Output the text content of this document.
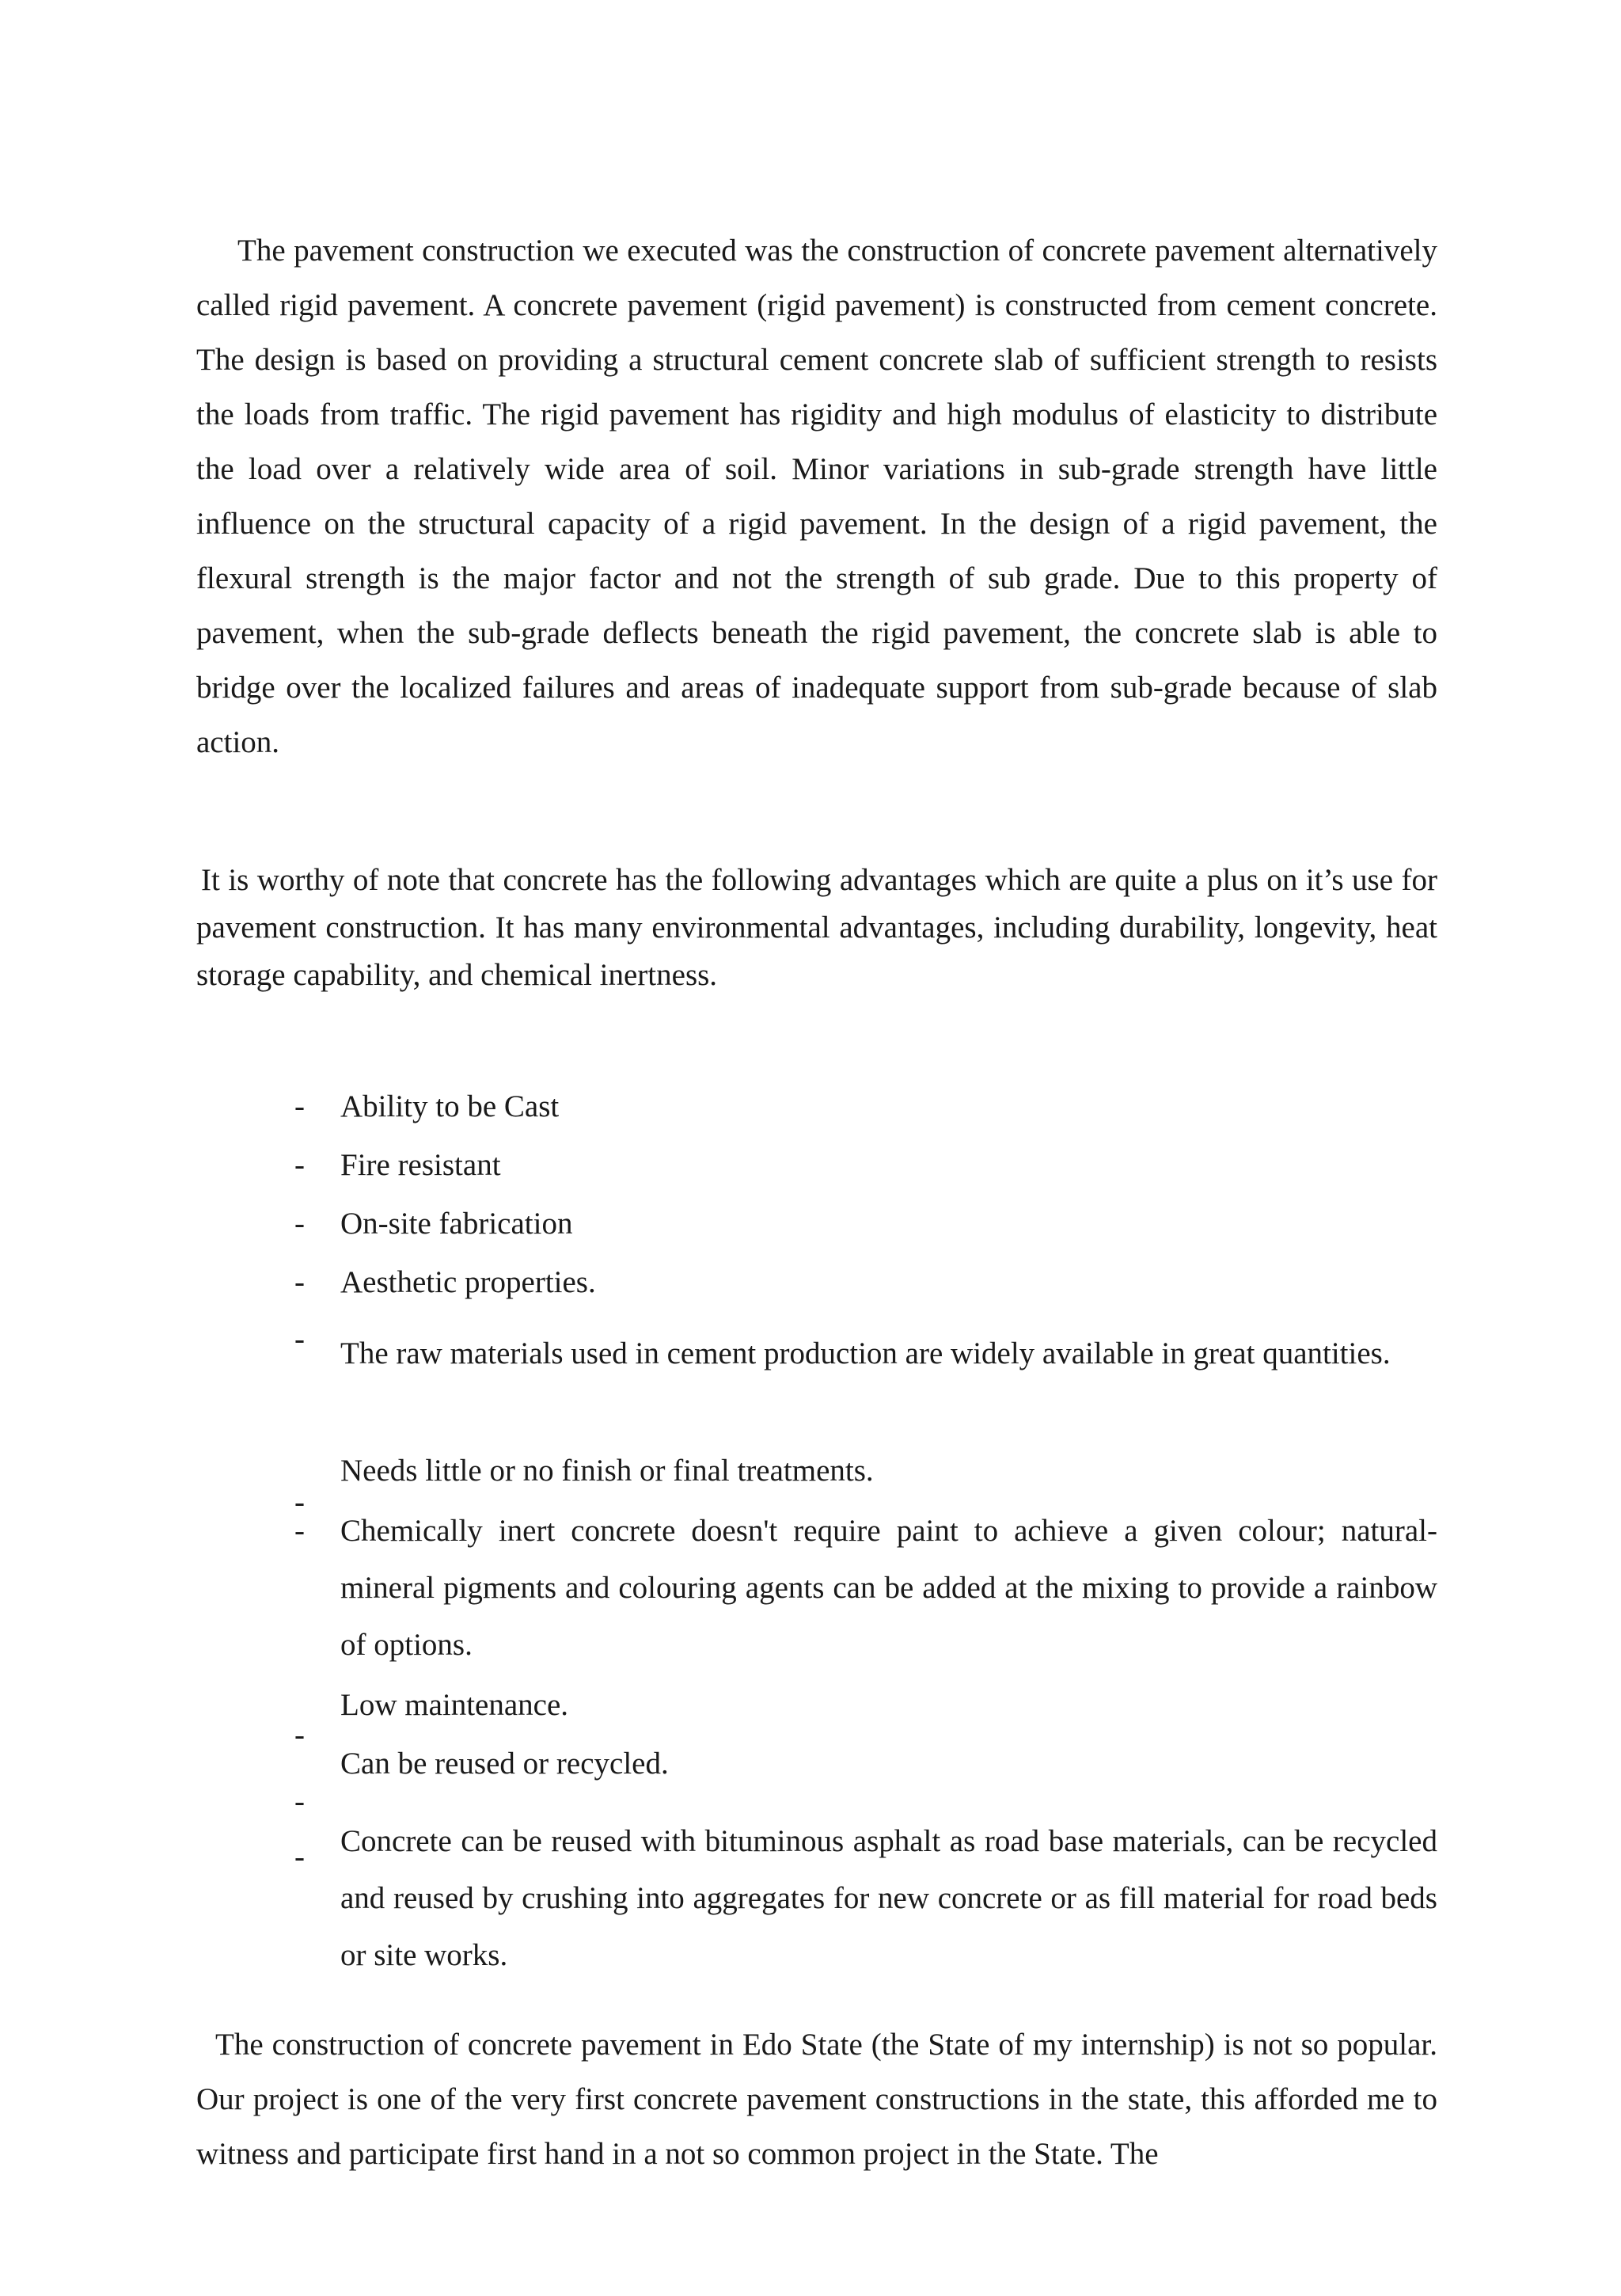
The pavement construction we executed was the construction of concrete pavement alternatively called rigid pavement. A concrete pavement (rigid pavement) is constructed from cement concrete. The design is based on providing a structural cement concrete slab of sufficient strength to resists the loads from traffic. The rigid pavement has rigidity and high modulus of elasticity to distribute the load over a relatively wide area of soil. Minor variations in sub-grade strength have little influence on the structural capacity of a rigid pavement. In the design of a rigid pavement, the flexural strength is the major factor and not the strength of sub grade. Due to this property of pavement, when the sub-grade deflects beneath the rigid pavement, the concrete slab is able to bridge over the localized failures and areas of inadequate support from sub-grade because of slab action.

It is worthy of note that concrete has the following advantages which are quite a plus on it’s use for pavement construction. It has many environmental advantages, including durability, longevity, heat storage capability, and chemical inertness.

- Ability to be Cast
- Fire resistant
- On-site fabrication
- Aesthetic properties.
- The raw materials used in cement production are widely available in great quantities.
-
Needs little or no finish or final treatments.
- Chemically inert concrete doesn't require paint to achieve a given colour; natural-mineral pigments and colouring agents can be added at the mixing to provide a rainbow of options.
-
Low maintenance.
-
Can be reused or recycled.
- Concrete can be reused with bituminous asphalt as road base materials, can be recycled and reused by crushing into aggregates for new concrete or as fill material for road beds or site works.

The construction of concrete pavement in Edo State (the State of my internship) is not so popular. Our project is one of the very first concrete pavement constructions in the state, this afforded me to witness and participate first hand in a not so common project in the State. The
